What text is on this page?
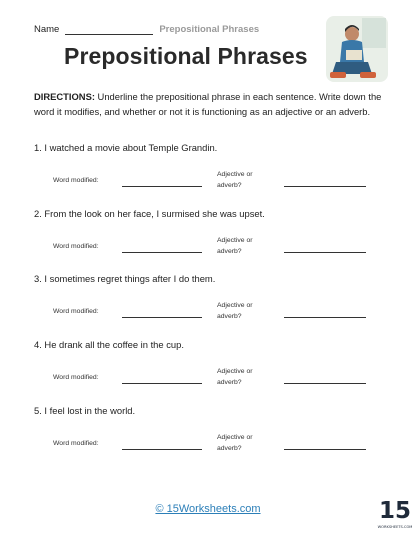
Name	Prepositional Phrases
Prepositional Phrases
DIRECTIONS: Underline the prepositional phrase in each sentence. Write down the word it modifies, and whether or not it is functioning as an adjective or an adverb.
1. I watched a movie about Temple Grandin.
Word modified:
Adjective or
adverb?
2. From the look on her face, I surmised she was upset.
Word modified:
Adjective or
adverb?
3. I sometimes regret things after I do them.
Word modified:
Adjective or
adverb?
4. He drank all the coffee in the cup.
Word modified:
Adjective or
adverb?
5. I feel lost in the world.
Word modified:
Adjective or
adverb?
© 15Worksheets.com	15
WORKSHEETS.COM
